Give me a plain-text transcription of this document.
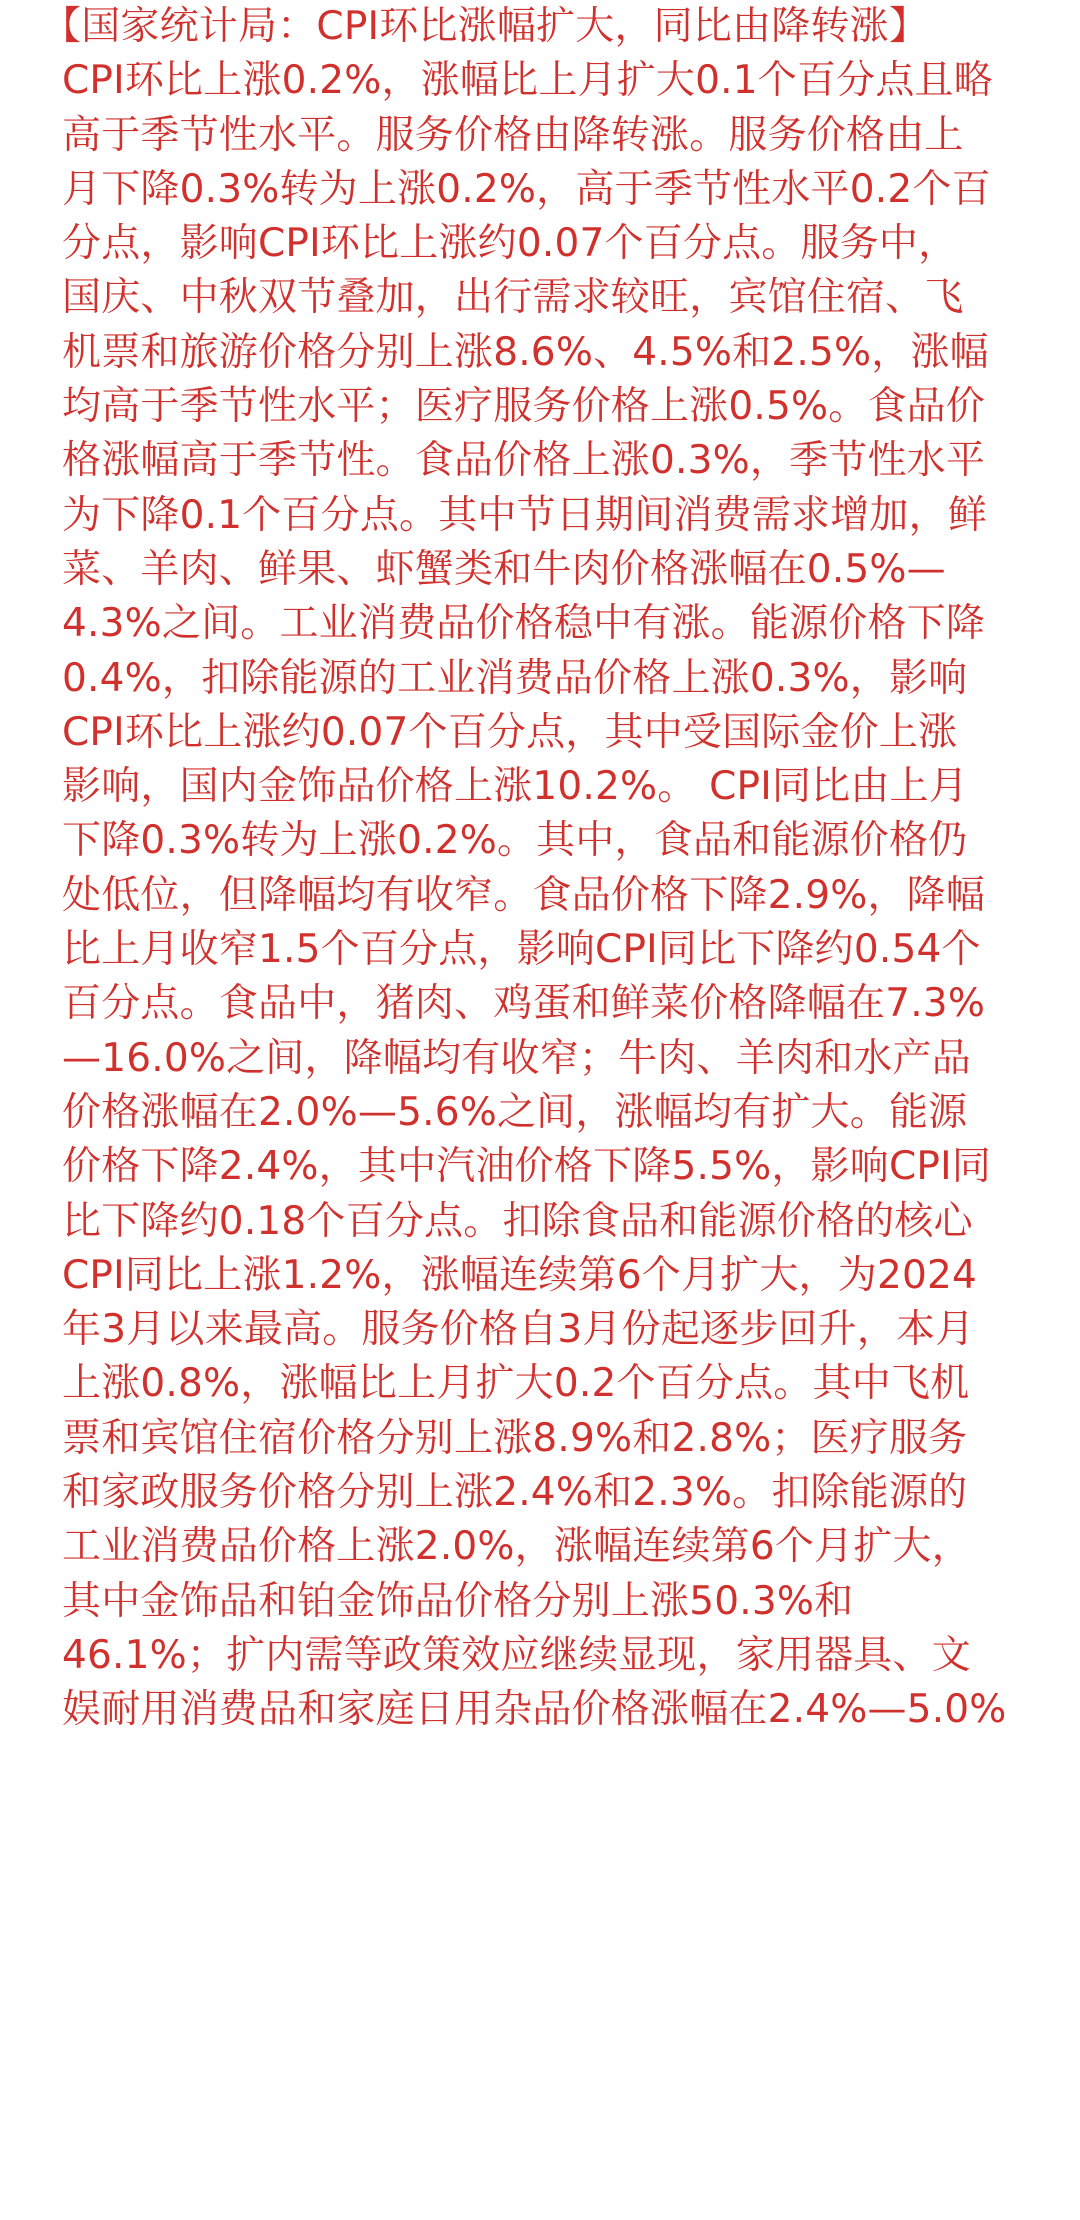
【国家统计局：CPI环比涨幅扩大，同比由降转涨】
CPI环比上涨0.2%，涨幅比上月扩大0.1个百分点且略
高于季节性水平。服务价格由降转涨。服务价格由上
月下降0.3%转为上涨0.2%，高于季节性水平0.2个百
分点，影响CPI环比上涨约0.07个百分点。服务中，
国庆、中秋双节叠加，出行需求较旺，宾馆住宿、飞
机票和旅游价格分别上涨8.6%、4.5%和2.5%，涨幅
均高于季节性水平；医疗服务价格上涨0.5%。食品价
格涨幅高于季节性。食品价格上涨0.3%，季节性水平
为下降0.1个百分点。其中节日期间消费需求增加，鲜
菜、羊肉、鲜果、虾蟹类和牛肉价格涨幅在0.5%—
4.3%之间。工业消费品价格稳中有涨。能源价格下降
0.4%，扣除能源的工业消费品价格上涨0.3%，影响
CPI环比上涨约0.07个百分点，其中受国际金价上涨
影响，国内金饰品价格上涨10.2%。 CPI同比由上月
下降0.3%转为上涨0.2%。其中，食品和能源价格仍
处低位，但降幅均有收窄。食品价格下降2.9%，降幅
比上月收窄1.5个百分点，影响CPI同比下降约0.54个
百分点。食品中，猪肉、鸡蛋和鲜菜价格降幅在7.3%
—16.0%之间，降幅均有收窄；牛肉、羊肉和水产品
价格涨幅在2.0%—5.6%之间，涨幅均有扩大。能源
价格下降2.4%，其中汽油价格下降5.5%，影响CPI同
比下降约0.18个百分点。扣除食品和能源价格的核心
CPI同比上涨1.2%，涨幅连续第6个月扩大，为2024
年3月以来最高。服务价格自3月份起逐步回升，本月
上涨0.8%，涨幅比上月扩大0.2个百分点。其中飞机
票和宾馆住宿价格分别上涨8.9%和2.8%；医疗服务
和家政服务价格分别上涨2.4%和2.3%。扣除能源的
工业消费品价格上涨2.0%，涨幅连续第6个月扩大，
其中金饰品和铂金饰品价格分别上涨50.3%和
46.1%；扩内需等政策效应继续显现，家用器具、文
娱耐用消费品和家庭日用杂品价格涨幅在2.4%—5.0%
